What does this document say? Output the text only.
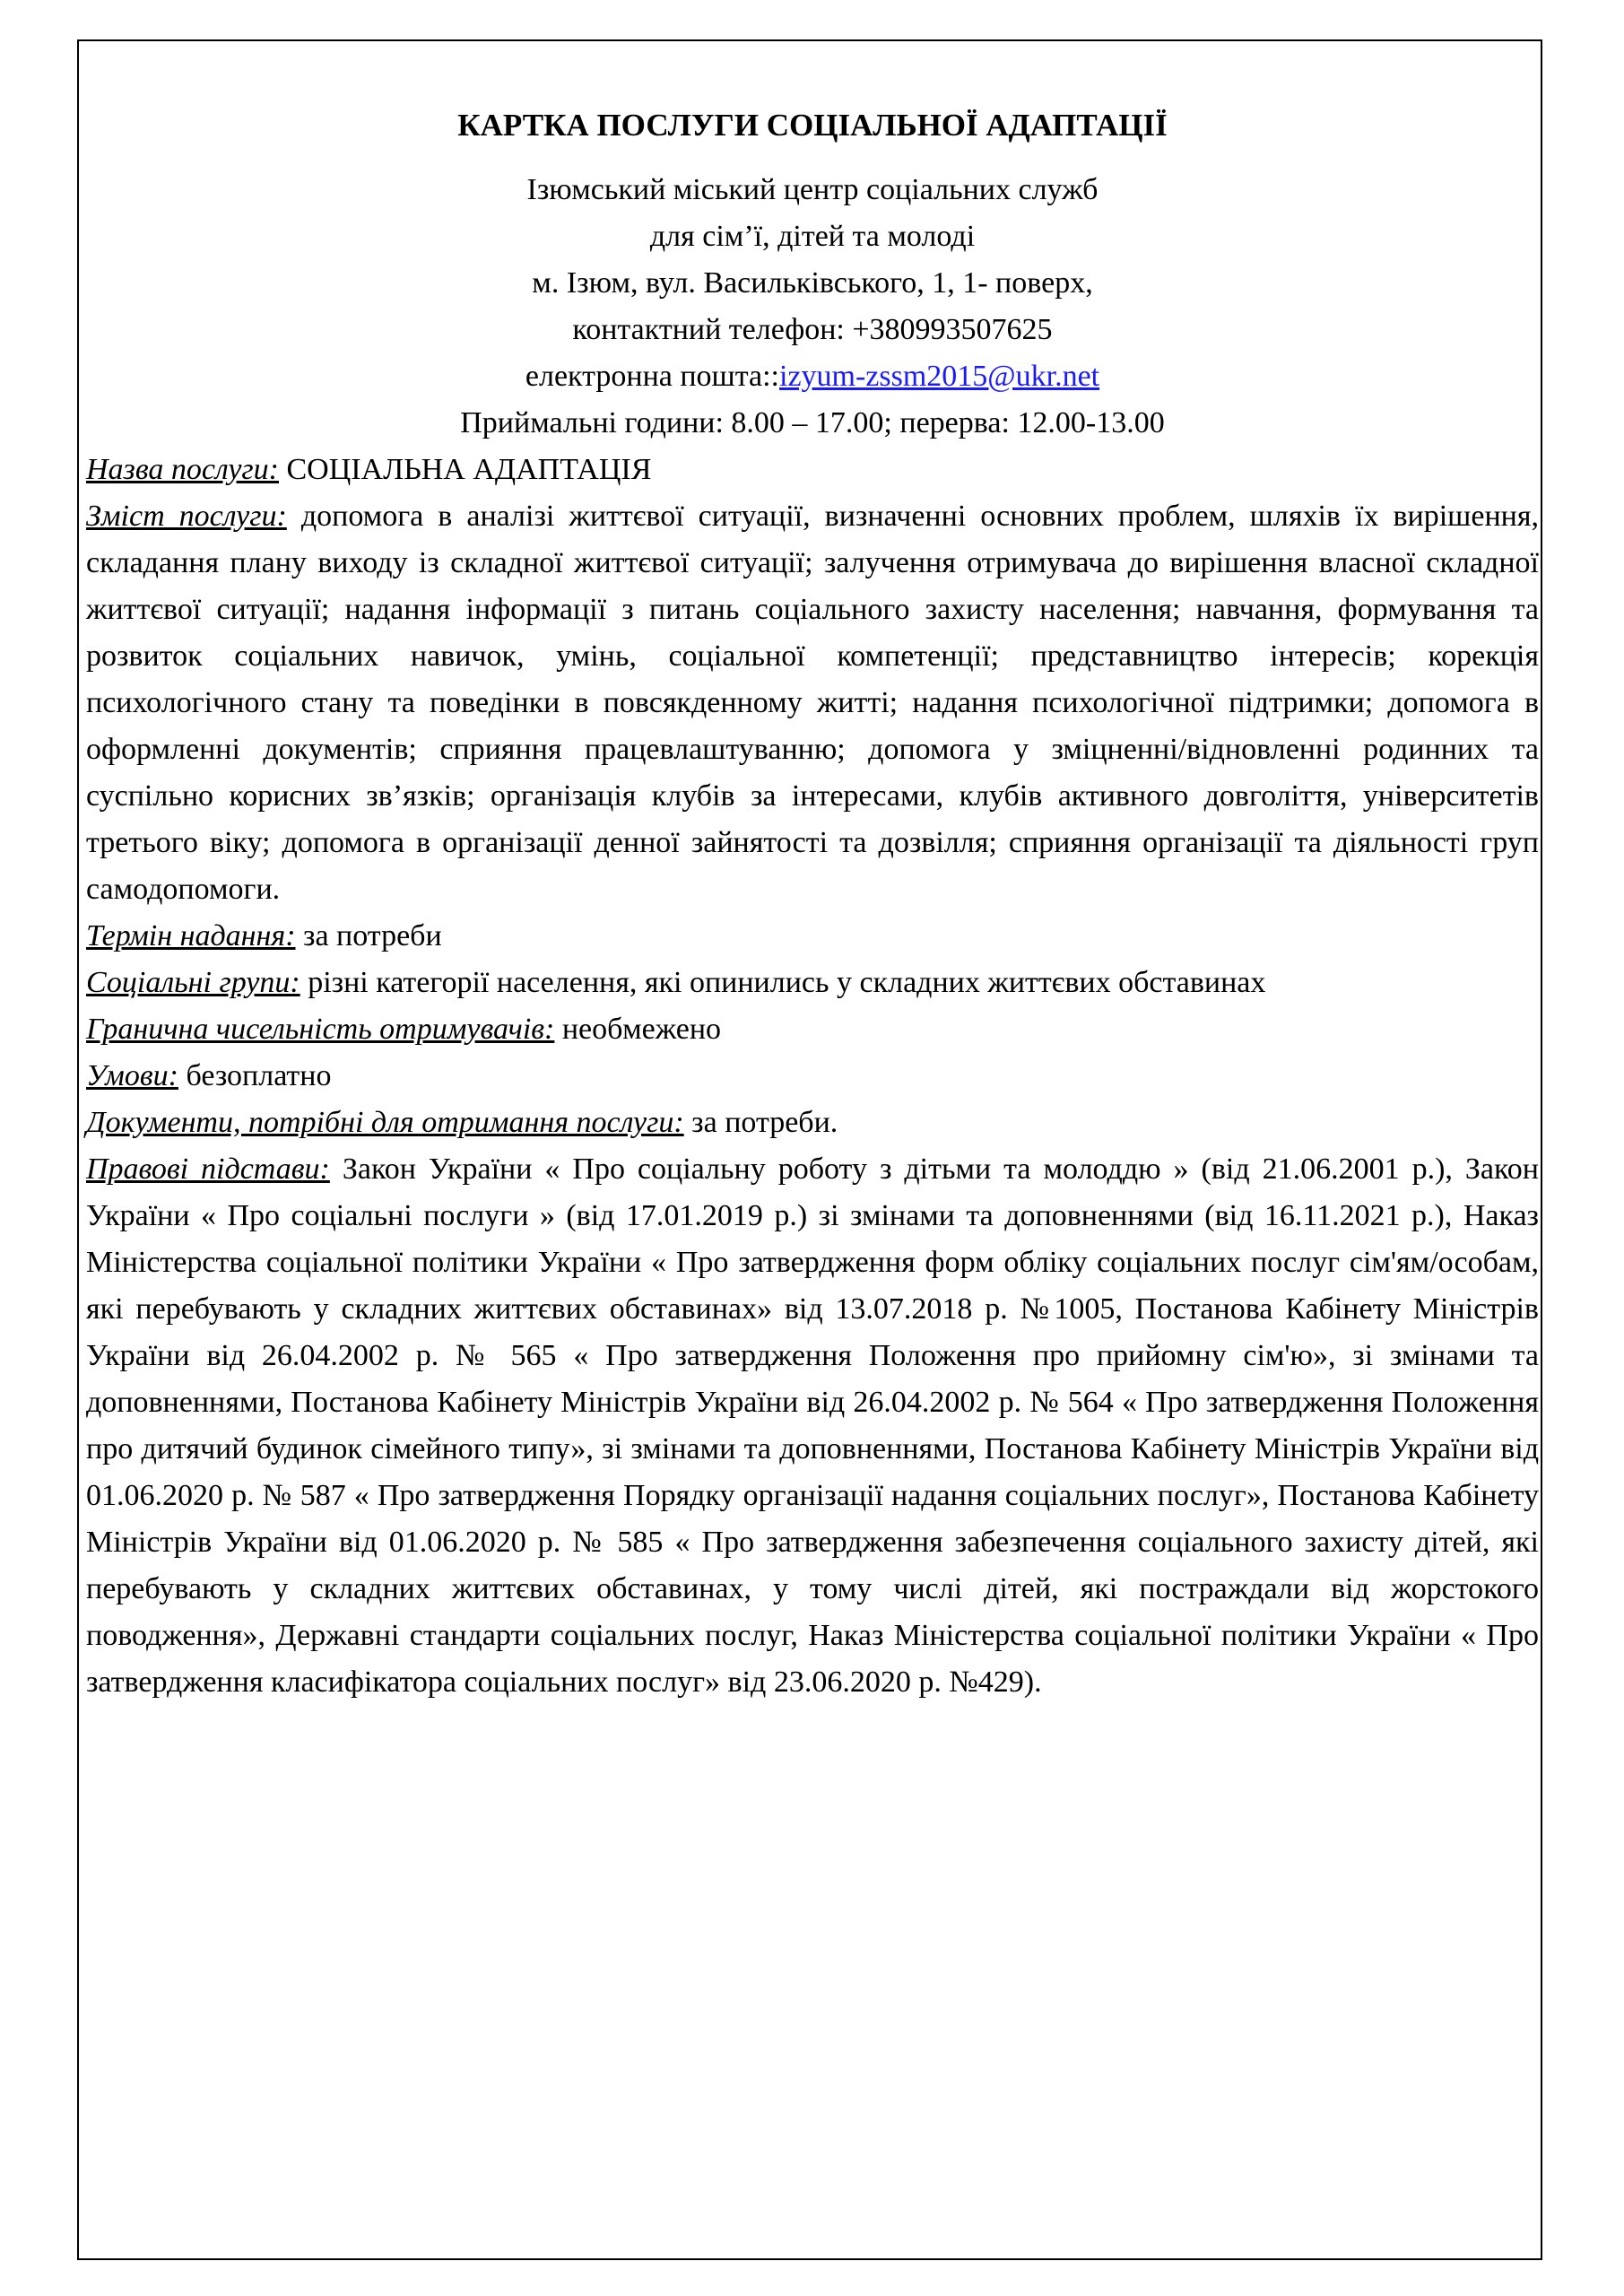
КАРТКА ПОСЛУГИ СОЦІАЛЬНОЇ АДАПТАЦІЇ

Ізюмський міський центр соціальних служб

для сім’ї, дітей та молоді

м. Ізюм, вул. Васильківського, 1, 1- поверх,

контактний телефон: +380993507625

електронна пошта::izyum-zssm2015@ukr.net

Приймальні години: 8.00 – 17.00; перерва: 12.00-13.00

Назва послуги: СОЦІАЛЬНА АДАПТАЦІЯ

Зміст послуги: допомога в аналізі життєвої ситуації, визначенні основних проблем, шляхів їх вирішення, складання плану виходу із складної життєвої ситуації; залучення отримувача до вирішення власної складної життєвої ситуації; надання інформації з питань соціального захисту населення; навчання, формування та розвиток соціальних навичок, умінь, соціальної компетенції; представництво інтересів; корекція психологічного стану та поведінки в повсякденному житті; надання психологічної підтримки; допомога в оформленні документів; сприяння працевлаштуванню; допомога у зміцненні/відновленні родинних та суспільно корисних зв’язків; організація клубів за інтересами, клубів активного довголіття, університетів третього віку; допомога в організації денної зайнятості та дозвілля; сприяння організації та діяльності груп самодопомоги.

Термін надання: за потреби

Соціальні групи: різні категорії населення, які опинились у складних життєвих обставинах

Гранична чисельність отримувачів: необмежено

Умови: безоплатно

Документи, потрібні для отримання послуги: за потреби.

Правові підстави: Закон України « Про соціальну роботу з дітьми та молоддю » (від 21.06.2001 р.), Закон України « Про соціальні послуги » (від 17.01.2019 р.) зі змінами та доповненнями (від 16.11.2021 р.), Наказ Міністерства соціальної політики України « Про затвердження форм обліку соціальних послуг сім'ям/особам, які перебувають у складних життєвих обставинах» від 13.07.2018 р. №1005, Постанова Кабінету Міністрів України від 26.04.2002 р. № 565 « Про затвердження Положення про прийомну сім'ю», зі змінами та доповненнями, Постанова Кабінету Міністрів України від 26.04.2002 р. № 564 « Про затвердження Положення про дитячий будинок сімейного типу», зі змінами та доповненнями, Постанова Кабінету Міністрів України від 01.06.2020 р. № 587 « Про затвердження Порядку організації надання соціальних послуг», Постанова Кабінету Міністрів України від 01.06.2020 р. № 585 « Про затвердження забезпечення соціального захисту дітей, які перебувають у складних життєвих обставинах, у тому числі дітей, які постраждали від жорстокого поводження», Державні стандарти соціальних послуг, Наказ Міністерства соціальної політики України « Про затвердження класифікатора соціальних послуг» від 23.06.2020 р. №429).
